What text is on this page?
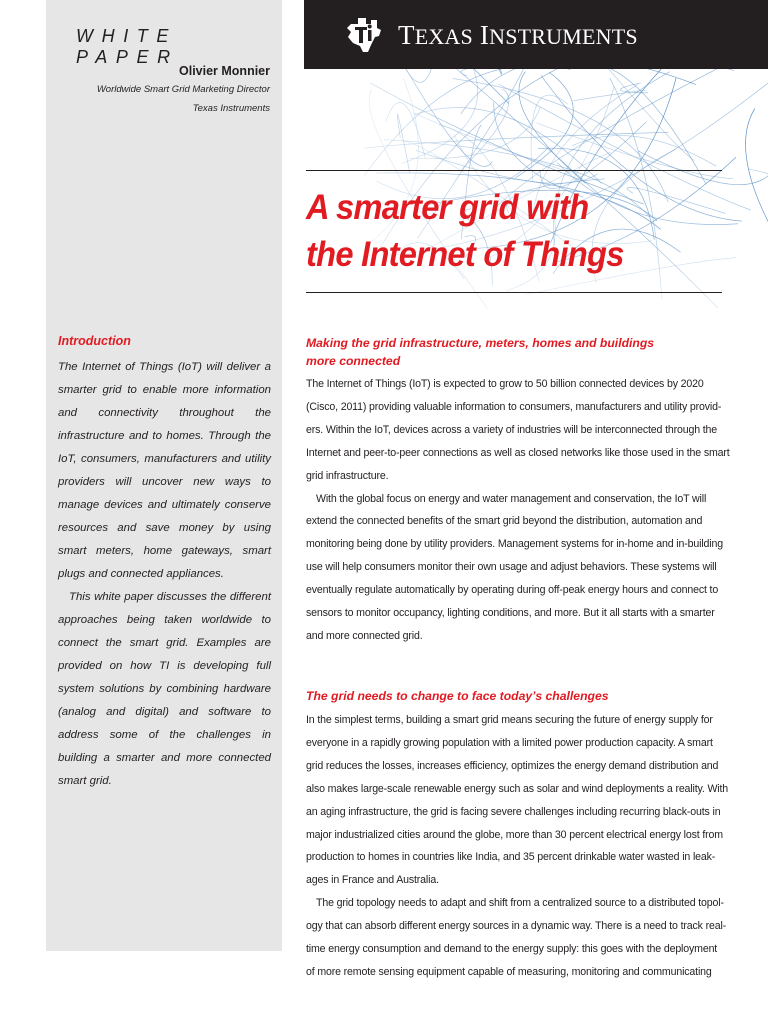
WHITE PAPER
Olivier Monnier
Worldwide Smart Grid Marketing Director
Texas Instruments
Introduction

The Internet of Things (IoT) will deliver a smarter grid to enable more information and connectivity throughout the infrastructure and to homes. Through the IoT, consumers, manufacturers and utility providers will uncover new ways to manage devices and ultimately conserve resources and save money by using smart meters, home gateways, smart plugs and connected appliances.

This white paper discusses the different approaches being taken worldwide to connect the smart grid. Examples are provided on how TI is developing full system solutions by combining hardware (analog and digital) and software to address some of the challenges in building a smarter and more connected smart grid.

TEXAS INSTRUMENTS
A smarter grid with
the Internet of Things
Making the grid infrastructure, meters, homes and buildings
more connected

The Internet of Things (IoT) is expected to grow to 50 billion connected devices by 2020
(Cisco, 2011) providing valuable information to consumers, manufacturers and utility provid-
ers. Within the IoT, devices across a variety of industries will be interconnected through the
Internet and peer-to-peer connections as well as closed networks like those used in the smart
grid infrastructure.

With the global focus on energy and water management and conservation, the IoT will
extend the connected benefits of the smart grid beyond the distribution, automation and
monitoring being done by utility providers. Management systems for in-home and in-building
use will help consumers monitor their own usage and adjust behaviors. These systems will
eventually regulate automatically by operating during off-peak energy hours and connect to
sensors to monitor occupancy, lighting conditions, and more. But it all starts with a smarter
and more connected grid.

The grid needs to change to face today’s challenges

In the simplest terms, building a smart grid means securing the future of energy supply for
everyone in a rapidly growing population with a limited power production capacity. A smart
grid reduces the losses, increases efficiency, optimizes the energy demand distribution and
also makes large-scale renewable energy such as solar and wind deployments a reality. With
an aging infrastructure, the grid is facing severe challenges including recurring black-outs in
major industrialized cities around the globe, more than 30 percent electrical energy lost from
production to homes in countries like India, and 35 percent drinkable water wasted in leak-
ages in France and Australia.

The grid topology needs to adapt and shift from a centralized source to a distributed topol-
ogy that can absorb different energy sources in a dynamic way. There is a need to track real-
time energy consumption and demand to the energy supply: this goes with the deployment
of more remote sensing equipment capable of measuring, monitoring and communicating
